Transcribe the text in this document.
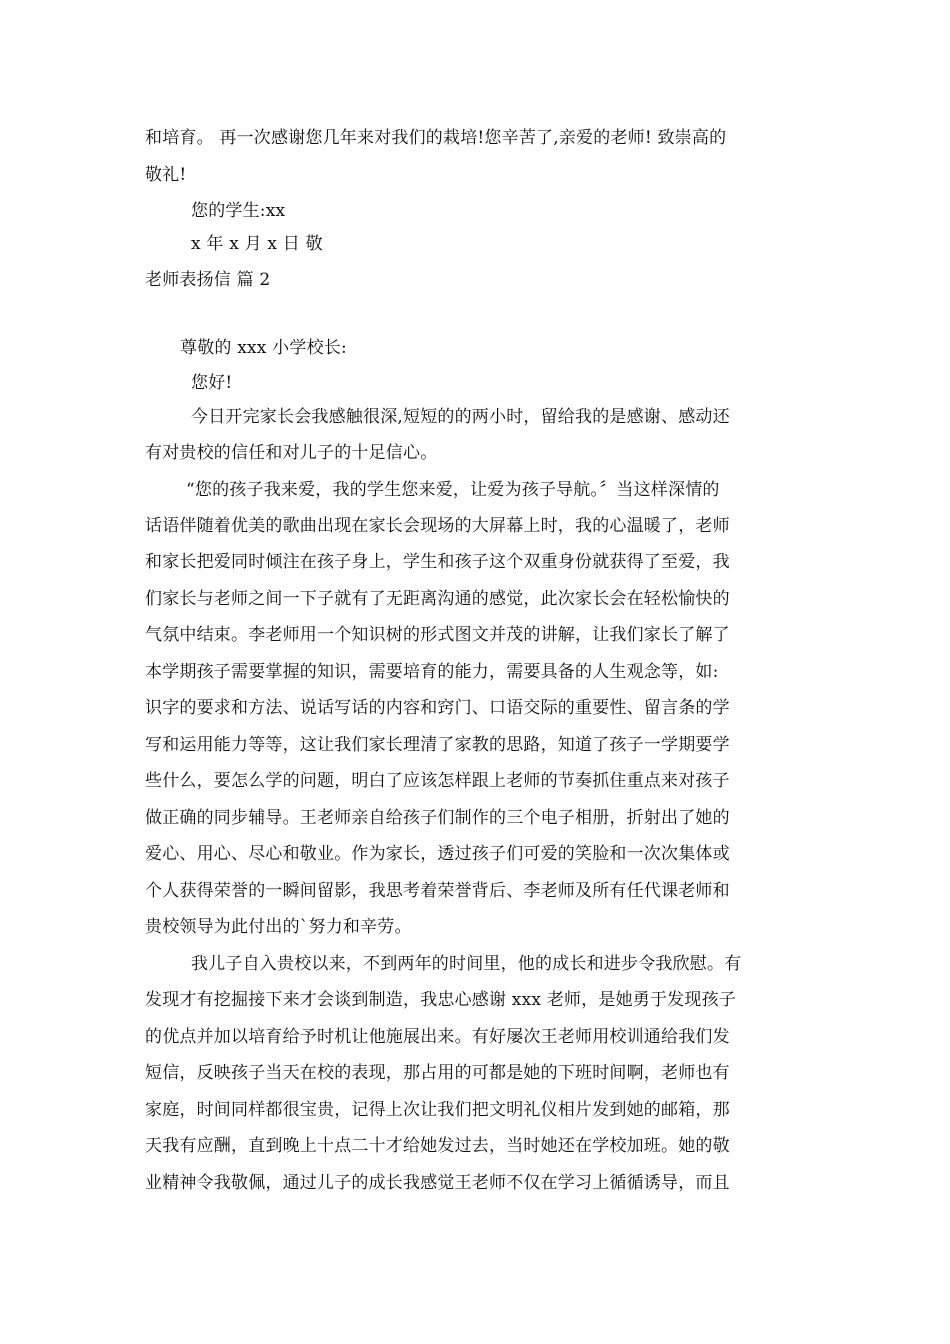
和培育。 再一次感谢您几年来对我们的栽培!您辛苦了,亲爱的老师! 致崇高的
敬礼!
您的学生:xx
x 年 x 月 x 日 敬
老师表扬信 篇 2
尊敬的 xxx 小学校长:
您好!
今日开完家长会我感触很深,短短的的两小时，留给我的是感谢、感动还
有对贵校的信任和对儿子的十足信心。
“您的孩子我来爱，我的学生您来爱，让爱为孩子导航。〞当这样深情的
话语伴随着优美的歌曲出现在家长会现场的大屏幕上时，我的心温暖了，老师
和家长把爱同时倾注在孩子身上，学生和孩子这个双重身份就获得了至爱，我
们家长与老师之间一下子就有了无距离沟通的感觉，此次家长会在轻松愉快的
气氛中结束。李老师用一个知识树的形式图文并茂的讲解，让我们家长了解了
本学期孩子需要掌握的知识，需要培育的能力，需要具备的人生观念等，如:
识字的要求和方法、说话写话的内容和窍门、口语交际的重要性、留言条的学
写和运用能力等等，这让我们家长理清了家教的思路，知道了孩子一学期要学
些什么，要怎么学的问题，明白了应该怎样跟上老师的节奏抓住重点来对孩子
做正确的同步辅导。王老师亲自给孩子们制作的三个电子相册，折射出了她的
爱心、用心、尽心和敬业。作为家长，透过孩子们可爱的笑脸和一次次集体或
个人获得荣誉的一瞬间留影，我思考着荣誉背后、李老师及所有任代课老师和
贵校领导为此付出的`努力和辛劳。
我儿子自入贵校以来，不到两年的时间里，他的成长和进步令我欣慰。有
发现才有挖掘接下来才会谈到制造，我忠心感谢 xxx 老师，是她勇于发现孩子
的优点并加以培育给予时机让他施展出来。有好屡次王老师用校训通给我们发
短信，反映孩子当天在校的表现，那占用的可都是她的下班时间啊，老师也有
家庭，时间同样都很宝贵，记得上次让我们把文明礼仪相片发到她的邮箱，那
天我有应酬，直到晚上十点二十才给她发过去，当时她还在学校加班。她的敬
业精神令我敬佩，通过儿子的成长我感觉王老师不仅在学习上循循诱导，而且
